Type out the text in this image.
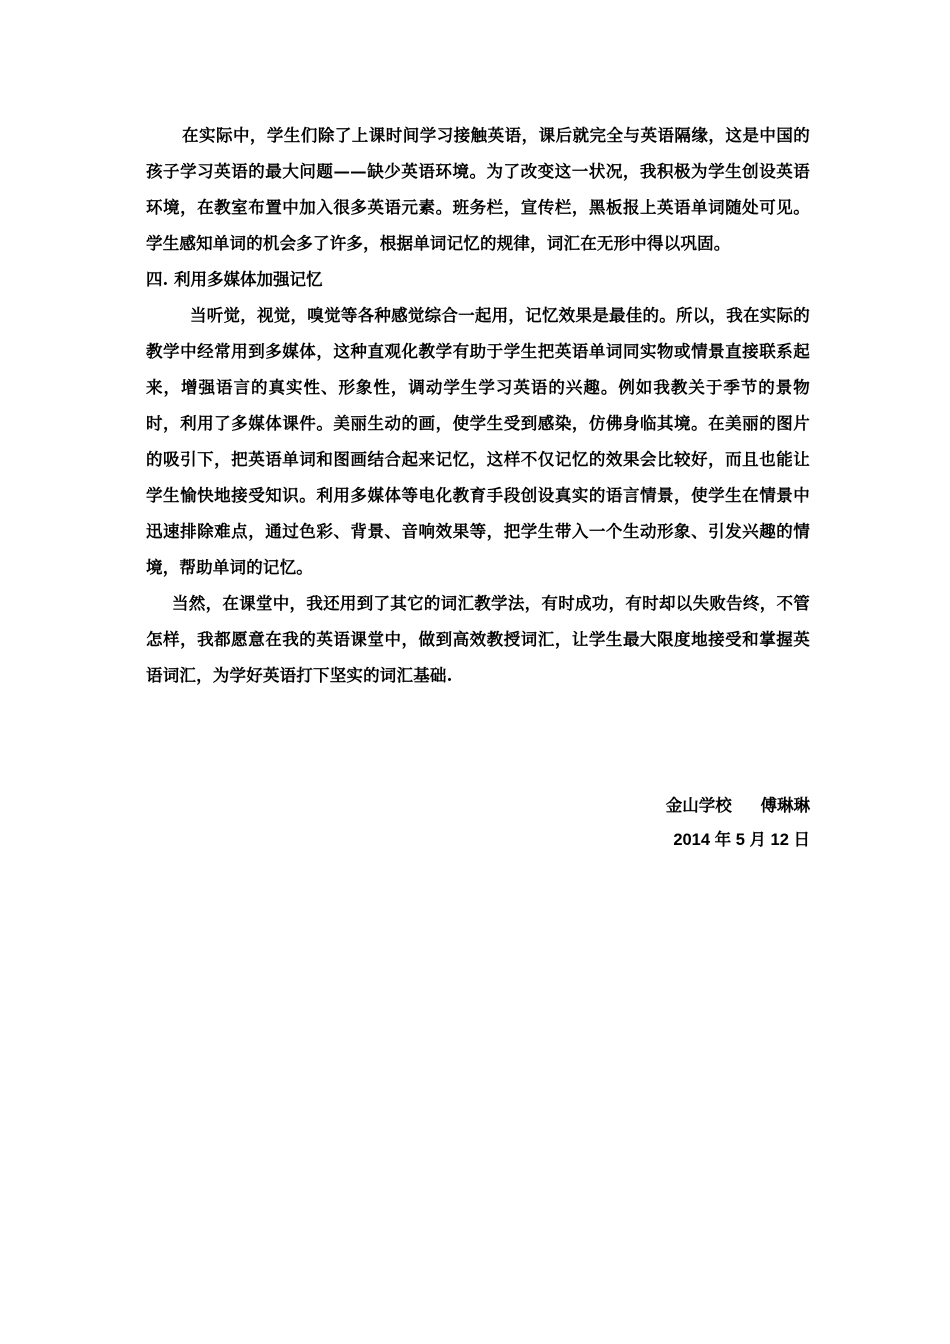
在实际中，学生们除了上课时间学习接触英语，课后就完全与英语隔缘，这是中国的孩子学习英语的最大问题——缺少英语环境。为了改变这一状况，我积极为学生创设英语环境，在教室布置中加入很多英语元素。班务栏，宣传栏，黑板报上英语单词随处可见。学生感知单词的机会多了许多，根据单词记忆的规律，词汇在无形中得以巩固。

四. 利用多媒体加强记忆

当听觉，视觉，嗅觉等各种感觉综合一起用，记忆效果是最佳的。所以，我在实际的教学中经常用到多媒体，这种直观化教学有助于学生把英语单词同实物或情景直接联系起来，增强语言的真实性、形象性，调动学生学习英语的兴趣。例如我教关于季节的景物时，利用了多媒体课件。美丽生动的画，使学生受到感染，仿佛身临其境。在美丽的图片的吸引下，把英语单词和图画结合起来记忆，这样不仅记忆的效果会比较好，而且也能让学生愉快地接受知识。利用多媒体等电化教育手段创设真实的语言情景，使学生在情景中迅速排除难点，通过色彩、背景、音响效果等，把学生带入一个生动形象、引发兴趣的情境，帮助单词的记忆。

当然，在课堂中，我还用到了其它的词汇教学法，有时成功，有时却以失败告终，不管怎样，我都愿意在我的英语课堂中，做到高效教授词汇，让学生最大限度地接受和掌握英语词汇，为学好英语打下坚实的词汇基础.

金山学校     傅琳琳
2014 年 5 月 12 日
